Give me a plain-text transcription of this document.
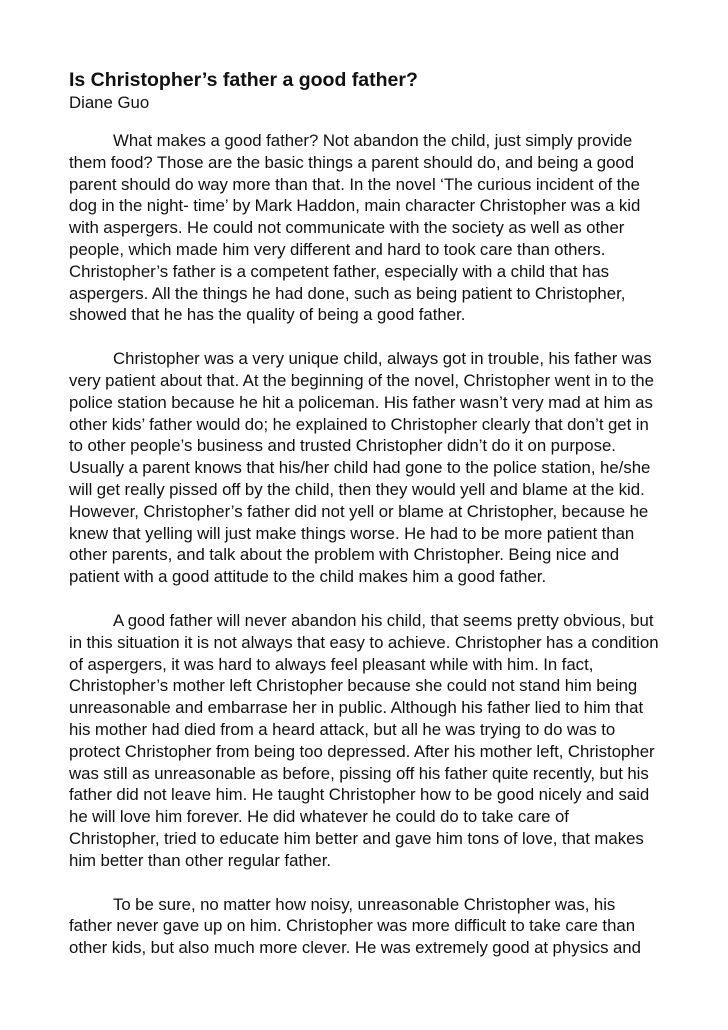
Is Christopher’s father a good father?
Diane Guo

What makes a good father? Not abandon the child, just simply provide them food? Those are the basic things a parent should do, and being a good parent should do way more than that. In the novel ‘The curious incident of the dog in the night- time’ by Mark Haddon, main character Christopher was a kid with aspergers. He could not communicate with the society as well as other people, which made him very different and hard to took care than others. Christopher’s father is a competent father, especially with a child that has aspergers. All the things he had done, such as being patient to Christopher, showed that he has the quality of being a good father.

Christopher was a very unique child, always got in trouble, his father was very patient about that. At the beginning of the novel, Christopher went in to the police station because he hit a policeman. His father wasn’t very mad at him as other kids’ father would do; he explained to Christopher clearly that don’t get in to other people’s business and trusted Christopher didn’t do it on purpose. Usually a parent knows that his/her child had gone to the police station, he/she will get really pissed off by the child, then they would yell and blame at the kid. However, Christopher’s father did not yell or blame at Christopher, because he knew that yelling will just make things worse. He had to be more patient than other parents, and talk about the problem with Christopher. Being nice and patient with a good attitude to the child makes him a good father.

A good father will never abandon his child, that seems pretty obvious, but in this situation it is not always that easy to achieve. Christopher has a condition of aspergers, it was hard to always feel pleasant while with him. In fact, Christopher’s mother left Christopher because she could not stand him being unreasonable and embarrase her in public. Although his father lied to him that his mother had died from a heard attack, but all he was trying to do was to protect Christopher from being too depressed. After his mother left, Christopher was still as unreasonable as before, pissing off his father quite recently, but his father did not leave him. He taught Christopher how to be good nicely and said he will love him forever. He did whatever he could do to take care of Christopher, tried to educate him better and gave him tons of love, that makes him better than other regular father.

To be sure, no matter how noisy, unreasonable Christopher was, his father never gave up on him. Christopher was more difficult to take care than other kids, but also much more clever. He was extremely good at physics and
